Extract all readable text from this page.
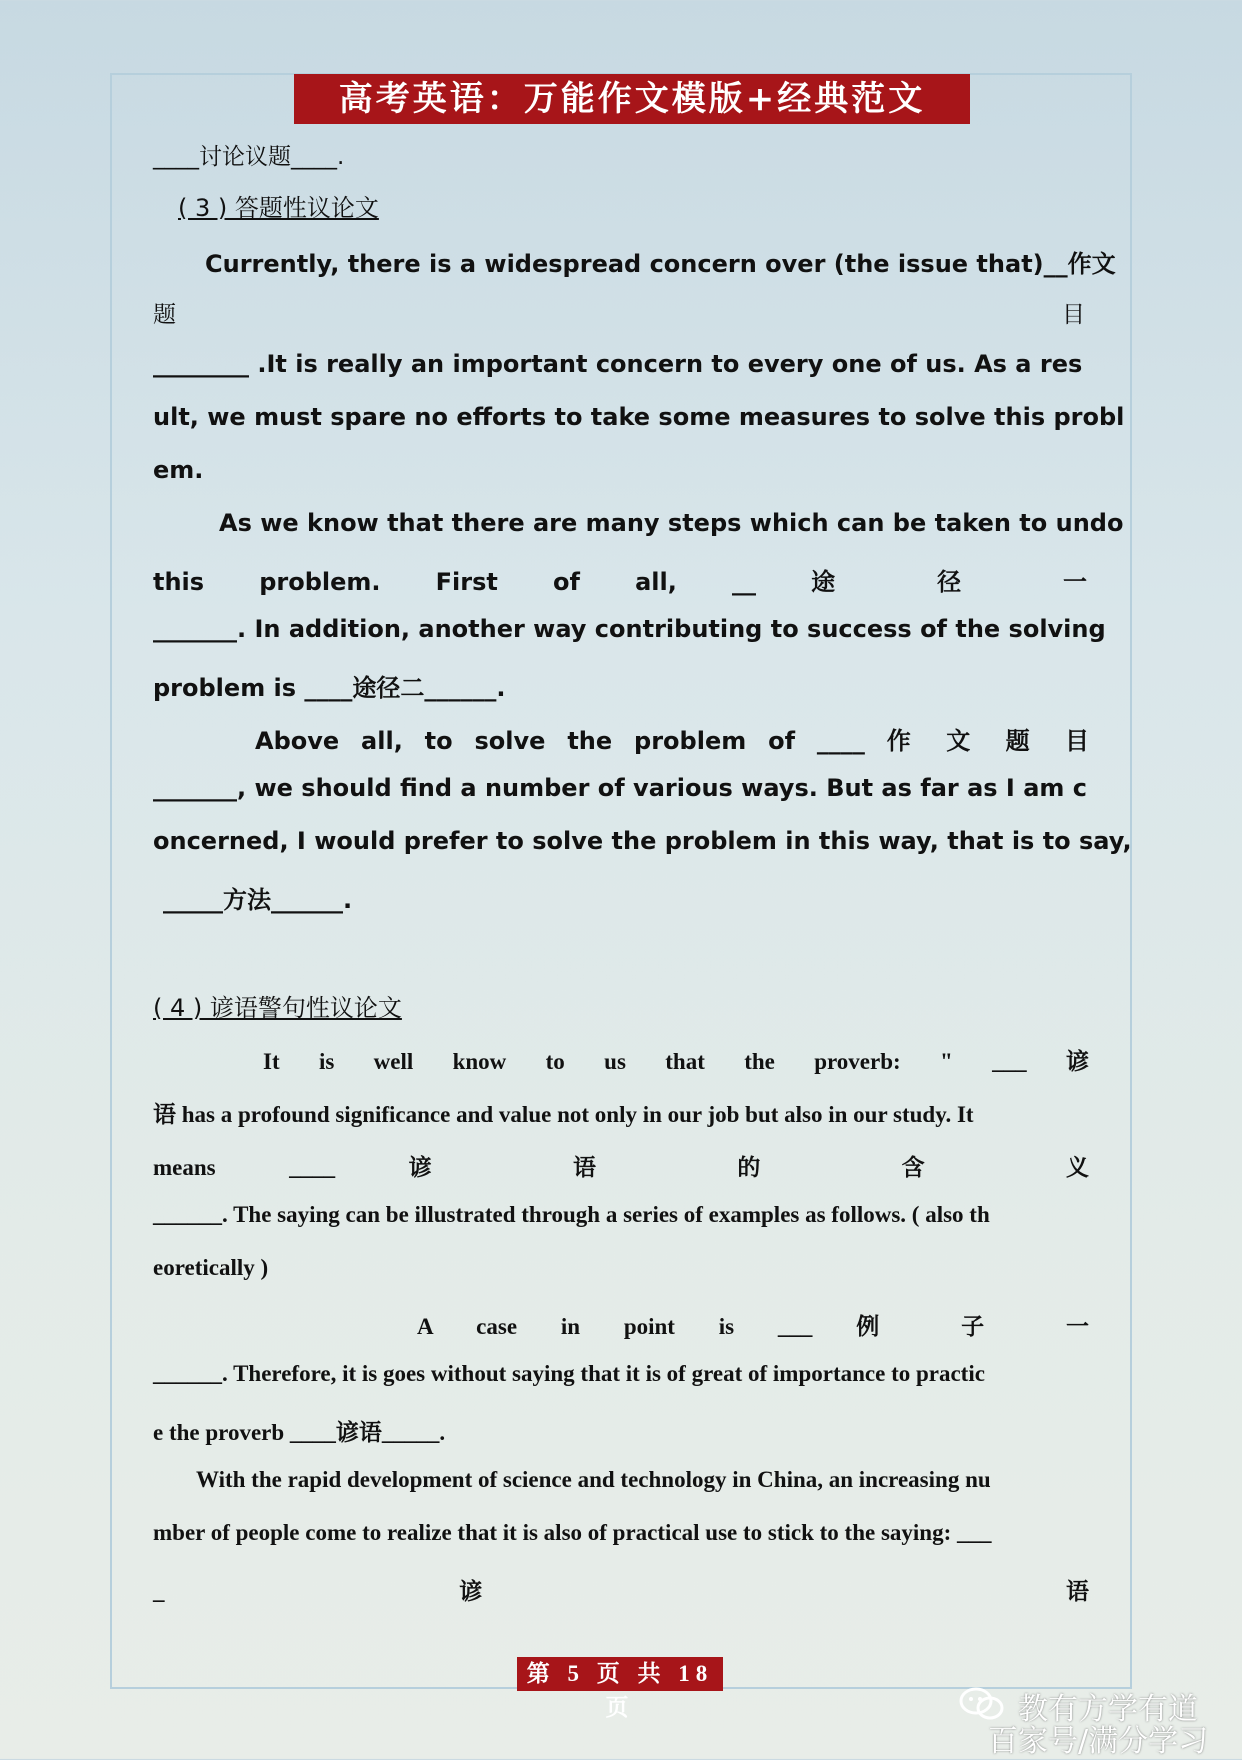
高考英语：万能作文模版+经典范文
____讨论议题____.
( 3 ) 答题性议论文
Currently, there is a widespread concern over (the issue that)__作文
题 目
________ .It is really an important concern to every one of us. As a res
ult, we must spare no efforts to take some measures to solve this probl
em.
As we know that there are many steps which can be taken to undo
this problem. First of all, __ 途 径 一
_______. In addition, another way contributing to success of the solving
problem is ____途径二______.
Above all, to solve the problem of ____ 作 文 题 目
_______, we should find a number of various ways. But as far as I am c
oncerned, I would prefer to solve the problem in this way, that is to say,
_____方法______.
( 4 ) 谚语警句性议论文
It is well know to us that the proverb: " ___ 谚
语 has a profound significance and value not only in our job but also in our study. It
means ____ 谚 语 的 含 义
______. The saying can be illustrated through a series of examples as follows. ( also th
eoretically )
A case in point is ___ 例 子 一
______. Therefore, it is goes without saying that it is of great of importance to practic
e the proverb ____谚语_____.
With the rapid development of science and technology in China, an increasing nu
mber of people come to realize that it is also of practical use to stick to the saying: ___
_ 谚 语
第 5 页 共 18 页	教有方学有道
百家号/满分学习
